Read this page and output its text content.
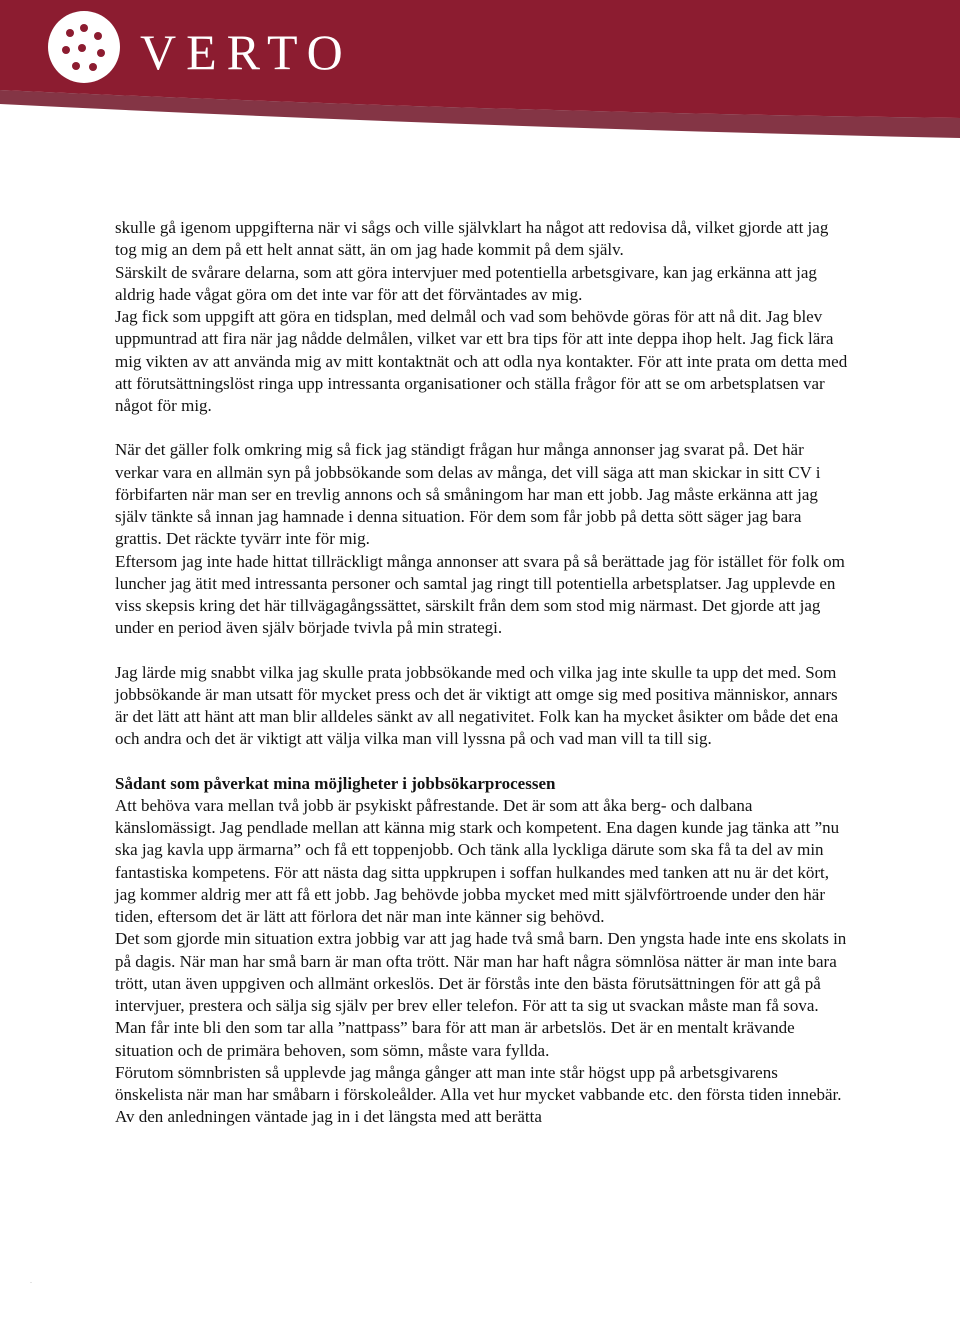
VERTO

skulle gå igenom uppgifterna när vi sågs och ville självklart ha något att redovisa då, vilket gjorde att jag tog mig an dem på ett helt annat sätt, än om jag hade kommit på dem själv.

Särskilt de svårare delarna, som att göra intervjuer med potentiella arbetsgivare, kan jag erkänna att jag aldrig hade vågat göra om det inte var för att det förväntades av mig.

Jag fick som uppgift att göra en tidsplan, med delmål och vad som behövde göras för att nå dit. Jag blev uppmuntrad att fira när jag nådde delmålen, vilket var ett bra tips för att inte deppa ihop helt. Jag fick lära mig vikten av att använda mig av mitt kontaktnät och att odla nya kontakter. För att inte prata om detta med att förutsättningslöst ringa upp intressanta organisationer och ställa frågor för att se om arbetsplatsen var något för mig.

När det gäller folk omkring mig så fick jag ständigt frågan hur många annonser jag svarat på. Det här verkar vara en allmän syn på jobbsökande som delas av många, det vill säga att man skickar in sitt CV i förbifarten när man ser en trevlig annons och så småningom har man ett jobb. Jag måste erkänna att jag själv tänkte så innan jag hamnade i denna situation. För dem som får jobb på detta sött säger jag bara grattis. Det räckte tyvärr inte för mig.

Eftersom jag inte hade hittat tillräckligt många annonser att svara på så berättade jag för istället för folk om luncher jag ätit med intressanta personer och samtal jag ringt till potentiella arbetsplatser. Jag upplevde en viss skepsis kring det här tillvägagångssättet, särskilt från dem som stod mig närmast. Det gjorde att jag under en period även själv började tvivla på min strategi.

Jag lärde mig snabbt vilka jag skulle prata jobbsökande med och vilka jag inte skulle ta upp det med. Som jobbsökande är man utsatt för mycket press och det är viktigt att omge sig med positiva människor, annars är det lätt att hänt att man blir alldeles sänkt av all negativitet. Folk kan ha mycket åsikter om både det ena och andra och det är viktigt att välja vilka man vill lyssna på och vad man vill ta till sig.

Sådant som påverkat mina möjligheter i jobbsökarprocessen

Att behöva vara mellan två jobb är psykiskt påfrestande. Det är som att åka berg- och dalbana känslomässigt. Jag pendlade mellan att känna mig stark och kompetent. Ena dagen kunde jag tänka att ”nu ska jag kavla upp ärmarna” och få ett toppenjobb. Och tänk alla lyckliga därute som ska få ta del av min fantastiska kompetens. För att nästa dag sitta uppkrupen i soffan hulkandes med tanken att nu är det kört, jag kommer aldrig mer att få ett jobb. Jag behövde jobba mycket med mitt självförtroende under den här tiden, eftersom det är lätt att förlora det när man inte känner sig behövd.

Det som gjorde min situation extra jobbig var att jag hade två små barn. Den yngsta hade inte ens skolats in på dagis. När man har små barn är man ofta trött. När man har haft några sömnlösa nätter är man inte bara trött, utan även uppgiven och allmänt orkeslös. Det är förstås inte den bästa förutsättningen för att gå på intervjuer, prestera och sälja sig själv per brev eller telefon. För att ta sig ut svackan måste man få sova. Man får inte bli den som tar alla ”nattpass” bara för att man är arbetslös. Det är en mentalt krävande situation och de primära behoven, som sömn, måste vara fyllda.

Förutom sömnbristen så upplevde jag många gånger att man inte står högst upp på arbetsgivarens önskelista när man har småbarn i förskoleålder. Alla vet hur mycket vabbande etc. den första tiden innebär. Av den anledningen väntade jag in i det längsta med att berätta

.
